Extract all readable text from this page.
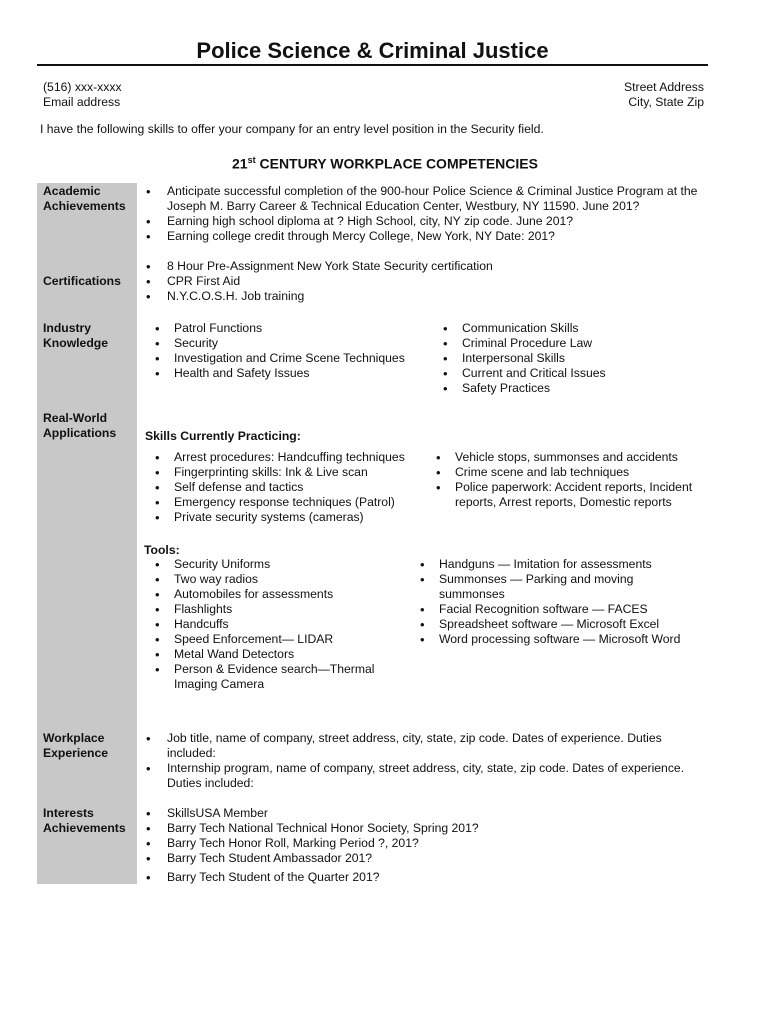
Police Science & Criminal Justice
(516) xxx-xxxx
Email address
Street Address
City, State Zip
I have the following skills to offer your company for an entry level position in the Security field.
21st CENTURY WORKPLACE COMPETENCIES
Academic
Achievements
• Anticipate successful completion of the 900-hour Police Science & Criminal Justice Program at the Joseph M. Barry Career & Technical Education Center, Westbury, NY 11590. June 201?
• Earning high school diploma at ? High School, city, NY zip code. June 201?
• Earning college credit through Mercy College, New York, NY Date: 201?
Certifications
• 8 Hour Pre-Assignment New York State Security certification
• CPR First Aid
• N.Y.C.O.S.H. Job training
Industry
Knowledge
• Patrol Functions
• Security
• Investigation and Crime Scene Techniques
• Health and Safety Issues
• Communication Skills
• Criminal Procedure Law
• Interpersonal Skills
• Current and Critical Issues
• Safety Practices
Real-World
Applications Skills Currently Practicing:
• Arrest procedures: Handcuffing techniques
• Fingerprinting skills: Ink & Live scan
• Self defense and tactics
• Emergency response techniques (Patrol)
• Private security systems (cameras)
• Vehicle stops, summonses and accidents
• Crime scene and lab techniques
• Police paperwork: Accident reports, Incident reports, Arrest reports, Domestic reports
Tools:
• Security Uniforms
• Two way radios
• Automobiles for assessments
• Flashlights
• Handcuffs
• Speed Enforcement— LIDAR
• Metal Wand Detectors
• Person & Evidence search—Thermal Imaging Camera
• Handguns — Imitation for assessments
• Summonses — Parking and moving summonses
• Facial Recognition software — FACES
• Spreadsheet software — Microsoft Excel
• Word processing software — Microsoft Word
Workplace
Experience
• Job title, name of company, street address, city, state, zip code. Dates of experience. Duties included:
• Internship program, name of company, street address, city, state, zip code. Dates of experience. Duties included:
Interests
Achievements
• SkillsUSA Member
• Barry Tech National Technical Honor Society, Spring 201?
• Barry Tech Honor Roll, Marking Period ?, 201?
• Barry Tech Student Ambassador 201?
• Barry Tech Student of the Quarter 201?
